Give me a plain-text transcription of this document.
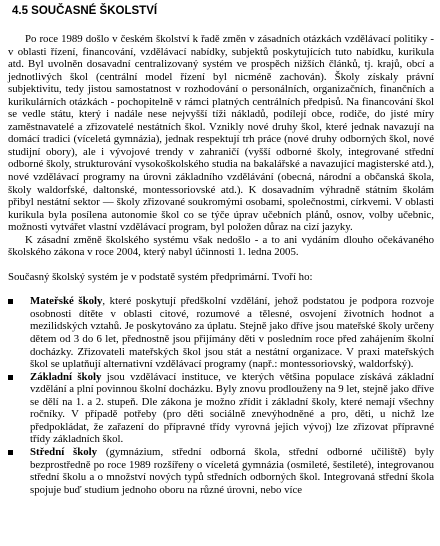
4.5 SOUČASNÉ ŠKOLSTVÍ

Po roce 1989 došlo v českém školství k řadě změn v zásadních otázkách vzdělávací politiky - v oblasti řízení, financování, vzdělávací nabídky, subjektů poskytujících tuto nabídku, kurikula atd. Byl uvolněn dosavadní centralizovaný systém ve prospěch nižších článků, tj. krajů, obcí a jednotlivých škol (centrální model řízení byl nicméně zachován). Školy získaly právní subjektivitu, tedy jistou samostatnost v rozhodování o personálních, organizačních, finančních a kurikulárních otázkách - pochopitelně v rámci platných centrálních předpisů. Na financování škol se vedle státu, který i nadále nese nejvyšší tíži nákladů, podílejí obce, rodiče, do jisté míry zaměstnavatelé a zřizovatelé nestátních škol. Vznikly nové druhy škol, které jednak navazují na domácí tradici (víceletá gymnázia), jednak respektují trh práce (nové druhy odborných škol, nové studijní obory), ale i vývojové trendy v zahraničí (vyšší odborné školy, integrované střední odborné školy, strukturování vysokoškolského studia na bakalářské a navazující magisterské atd.), nové vzdělávací programy na úrovni základního vzdělávání (obecná, národní a občanská škola, školy waldorfské, daltonské, montessoriovské atd.). K dosavadním výhradně státním školám přibyl nestátní sektor — školy zřizované soukromými osobami, společnostmi, církvemi. V oblasti kurikula byla posílena autonomie škol co se týče úprav učebních plánů, osnov, volby učebnic, možnosti vytvářet vlastní vzdělávací program, byl položen důraz na cizí jazyky.

K zásadní změně školského systému však nedošlo - a to ani vydáním dlouho očekávaného školského zákona v roce 2004, který nabyl účinnosti 1. ledna 2005.

Současný školský systém je v podstatě systém předprimární. Tvoří ho:

Mateřské školy, které poskytují předškolní vzdělání, jehož podstatou je podpora rozvoje osobnosti dítěte v oblasti citové, rozumové a tělesné, osvojení životních hodnot a mezilidských vztahů. Je poskytováno za úplatu. Stejně jako dříve jsou mateřské školy určeny dětem od 3 do 6 let, přednostně jsou přijímány děti v posledním roce před zahájením školní docházky. Zřizovateli mateřských škol jsou stát a nestátní organizace. V praxi mateřských škol se uplatňují alternativní vzdělávací programy (např.: montessoriovský, waldorfský).
Základní školy jsou vzdělávací instituce, ve kterých většina populace získává základní vzdělání a plní povinnou školní docházku. Byly znovu prodlouženy na 9 let, stejně jako dříve se dělí na 1. a 2. stupeň. Dle zákona je možno zřídit i základní školy, které nemají všechny ročníky. V případě potřeby (pro děti sociálně znevýhodněné a pro, děti, u nichž lze předpokládat, že zařazení do přípravné třídy vyrovná jejich vývoj) lze zřizovat přípravné třídy základních škol.
Střední školy (gymnázium, střední odborná škola, střední odborné učiliště) byly bezprostředně po roce 1989 rozšířeny o víceletá gymnázia (osmileté, šestileté), integrovanou střední školu a o množství nových typů středních odborných škol. Integrovaná střední škola spojuje buď studium jednoho oboru na různé úrovni, nebo více
